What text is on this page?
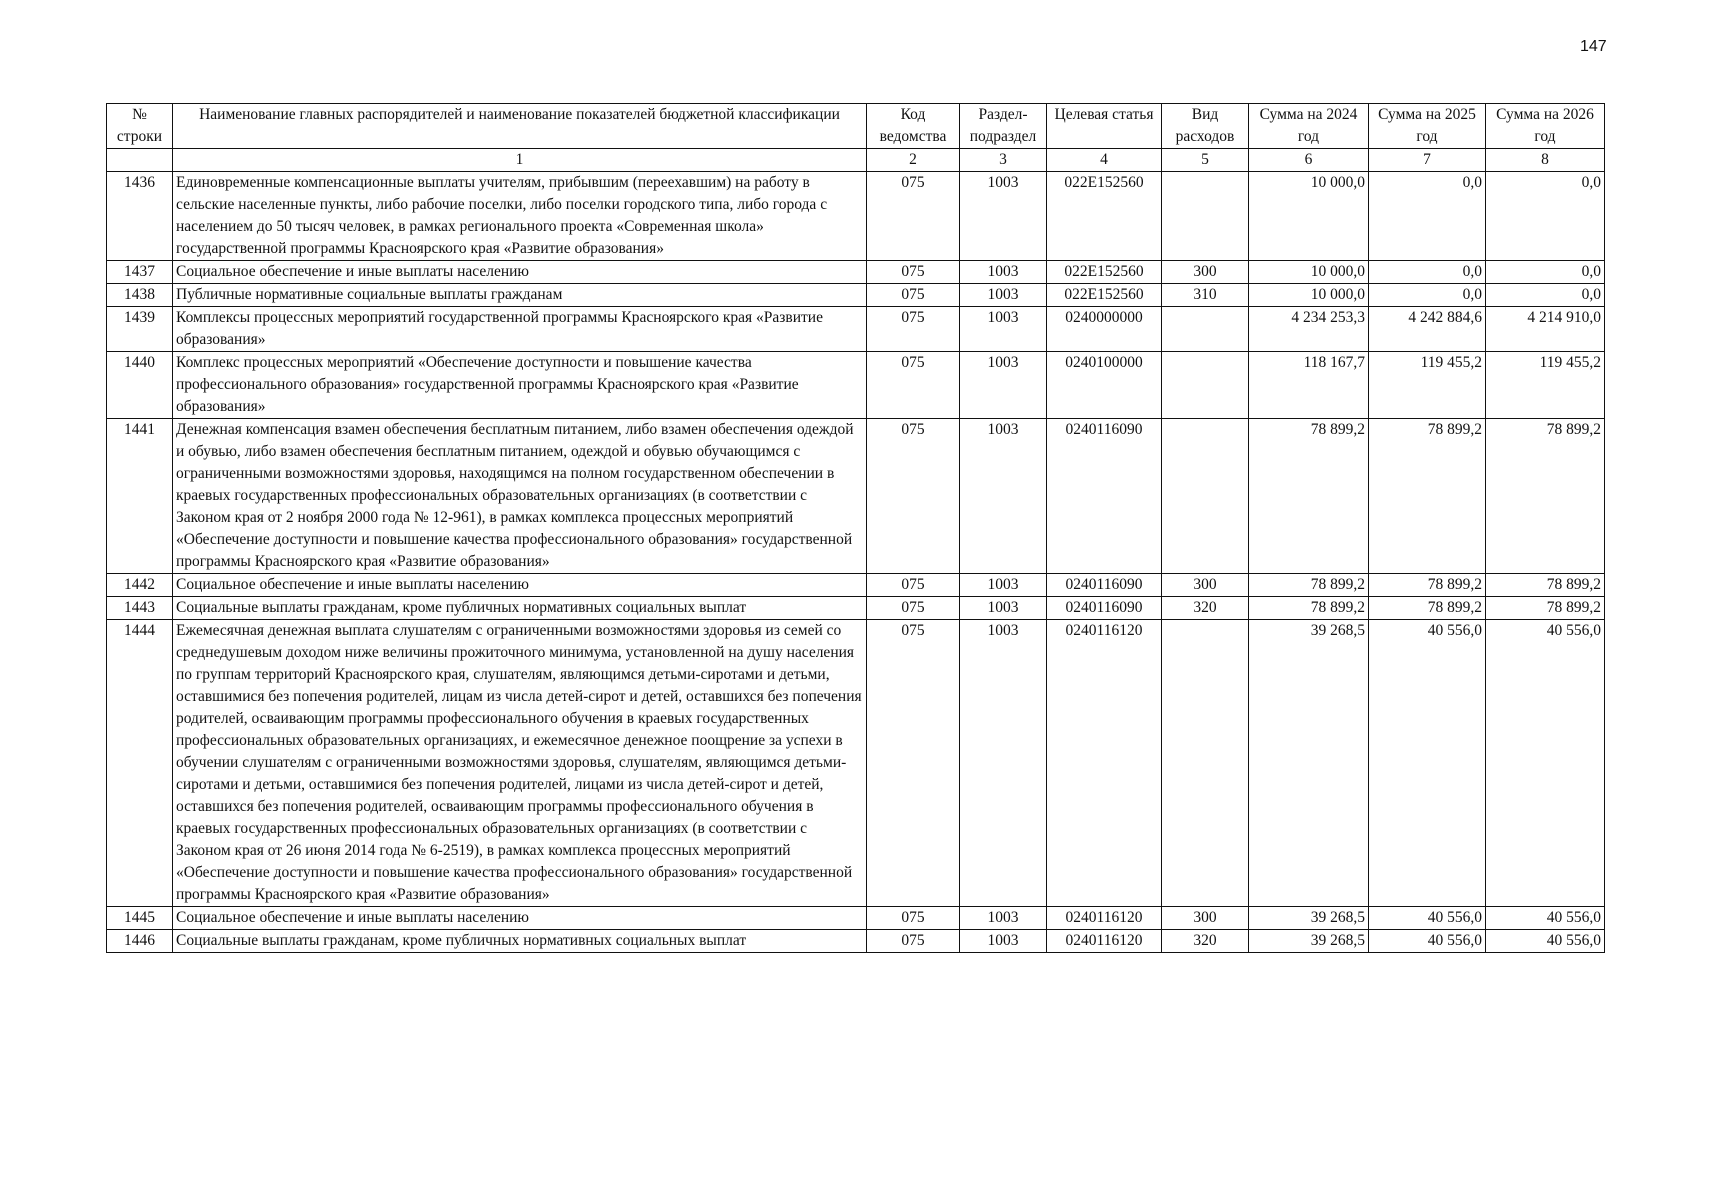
147
№ строки	Наименование главных распорядителей и наименование показателей бюджетной классификации	Код ведомства	Раздел-подраздел	Целевая статья	Вид расходов	Сумма на 2024 год	Сумма на 2025 год	Сумма на 2026 год
	1	2	3	4	5	6	7	8
1436	Единовременные компенсационные выплаты учителям, прибывшим (переехавшим) на работу в сельские населенные пункты, либо рабочие поселки, либо поселки городского типа, либо города с населением до 50 тысяч человек, в рамках регионального проекта «Современная школа» государственной программы Красноярского края «Развитие образования»	075	1003	022E152560		10 000,0	0,0	0,0
1437	Социальное обеспечение и иные выплаты населению	075	1003	022E152560	300	10 000,0	0,0	0,0
1438	Публичные нормативные социальные выплаты гражданам	075	1003	022E152560	310	10 000,0	0,0	0,0
1439	Комплексы процессных мероприятий государственной программы Красноярского края «Развитие образования»	075	1003	0240000000		4 234 253,3	4 242 884,6	4 214 910,0
1440	Комплекс процессных мероприятий «Обеспечение доступности и повышение качества профессионального образования» государственной программы Красноярского края «Развитие образования»	075	1003	0240100000		118 167,7	119 455,2	119 455,2
1441	Денежная компенсация взамен обеспечения бесплатным питанием, либо взамен обеспечения одеждой и обувью, либо взамен обеспечения бесплатным питанием, одеждой и обувью обучающимся с ограниченными возможностями здоровья, находящимся на полном государственном обеспечении в краевых государственных профессиональных образовательных организациях (в соответствии с Законом края от 2 ноября 2000 года № 12-961), в рамках комплекса процессных мероприятий «Обеспечение доступности и повышение качества профессионального образования» государственной программы Красноярского края «Развитие образования»	075	1003	0240116090		78 899,2	78 899,2	78 899,2
1442	Социальное обеспечение и иные выплаты населению	075	1003	0240116090	300	78 899,2	78 899,2	78 899,2
1443	Социальные выплаты гражданам, кроме публичных нормативных социальных выплат	075	1003	0240116090	320	78 899,2	78 899,2	78 899,2
1444	Ежемесячная денежная выплата слушателям с ограниченными возможностями здоровья из семей со среднедушевым доходом ниже величины прожиточного минимума, установленной на душу населения по группам территорий Красноярского края, слушателям, являющимся детьми-сиротами и детьми, оставшимися без попечения родителей, лицам из числа детей-сирот и детей, оставшихся без попечения родителей, осваивающим программы профессионального обучения в краевых государственных профессиональных образовательных организациях, и ежемесячное денежное поощрение за успехи в обучении слушателям с ограниченными возможностями здоровья, слушателям, являющимся детьми-сиротами и детьми, оставшимися без попечения родителей, лицами из числа детей-сирот и детей, оставшихся без попечения родителей, осваивающим программы профессионального обучения в краевых государственных профессиональных образовательных организациях (в соответствии с Законом края от 26 июня 2014 года № 6-2519), в рамках комплекса процессных мероприятий «Обеспечение доступности и повышение качества профессионального образования» государственной программы Красноярского края «Развитие образования»	075	1003	0240116120		39 268,5	40 556,0	40 556,0
1445	Социальное обеспечение и иные выплаты населению	075	1003	0240116120	300	39 268,5	40 556,0	40 556,0
1446	Социальные выплаты гражданам, кроме публичных нормативных социальных выплат	075	1003	0240116120	320	39 268,5	40 556,0	40 556,0
